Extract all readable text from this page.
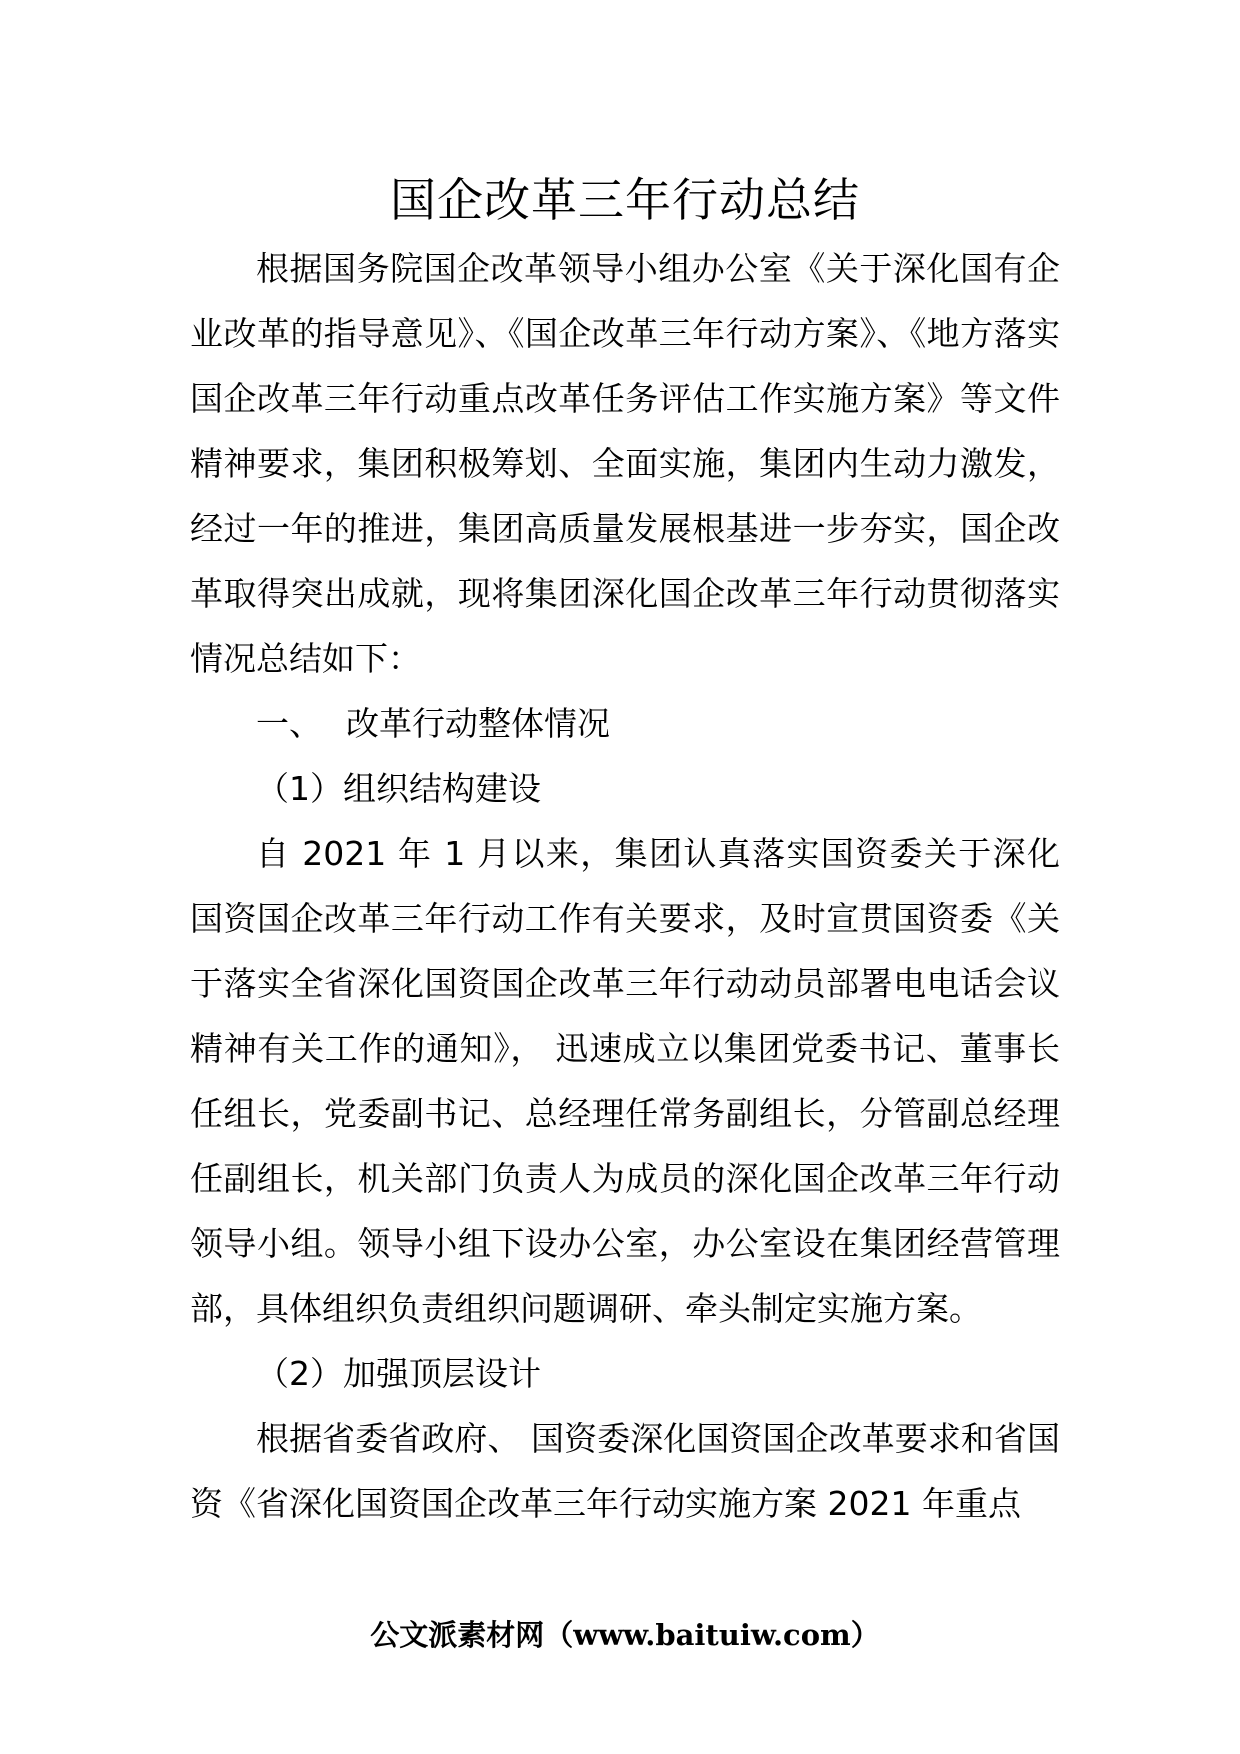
国企改革三年行动总结

根据国务院国企改革领导小组办公室《关于深化国有企业改革的指导意见》、《国企改革三年行动方案》、《地方落实国企改革三年行动重点改革任务评估工作实施方案》等文件精神要求，集团积极筹划、全面实施，集团内生动力激发，经过一年的推进，集团高质量发展根基进一步夯实，国企改革取得突出成就，现将集团深化国企改革三年行动贯彻落实情况总结如下：

一、 改革行动整体情况

（1）组织结构建设

自 2021 年 1 月以来，集团认真落实国资委关于深化国资国企改革三年行动工作有关要求，及时宣贯国资委《关于落实全省深化国资国企改革三年行动动员部署电电话会议精神有关工作的通知》， 迅速成立以集团党委书记、董事长任组长，党委副书记、总经理任常务副组长，分管副总经理任副组长，机关部门负责人为成员的深化国企改革三年行动领导小组。领导小组下设办公室，办公室设在集团经营管理部，具体组织负责组织问题调研、牵头制定实施方案。

（2）加强顶层设计

根据省委省政府、 国资委深化国资国企改革要求和省国资《省深化国资国企改革三年行动实施方案 2021 年重点

公文派素材网（www.baituiw.com）
